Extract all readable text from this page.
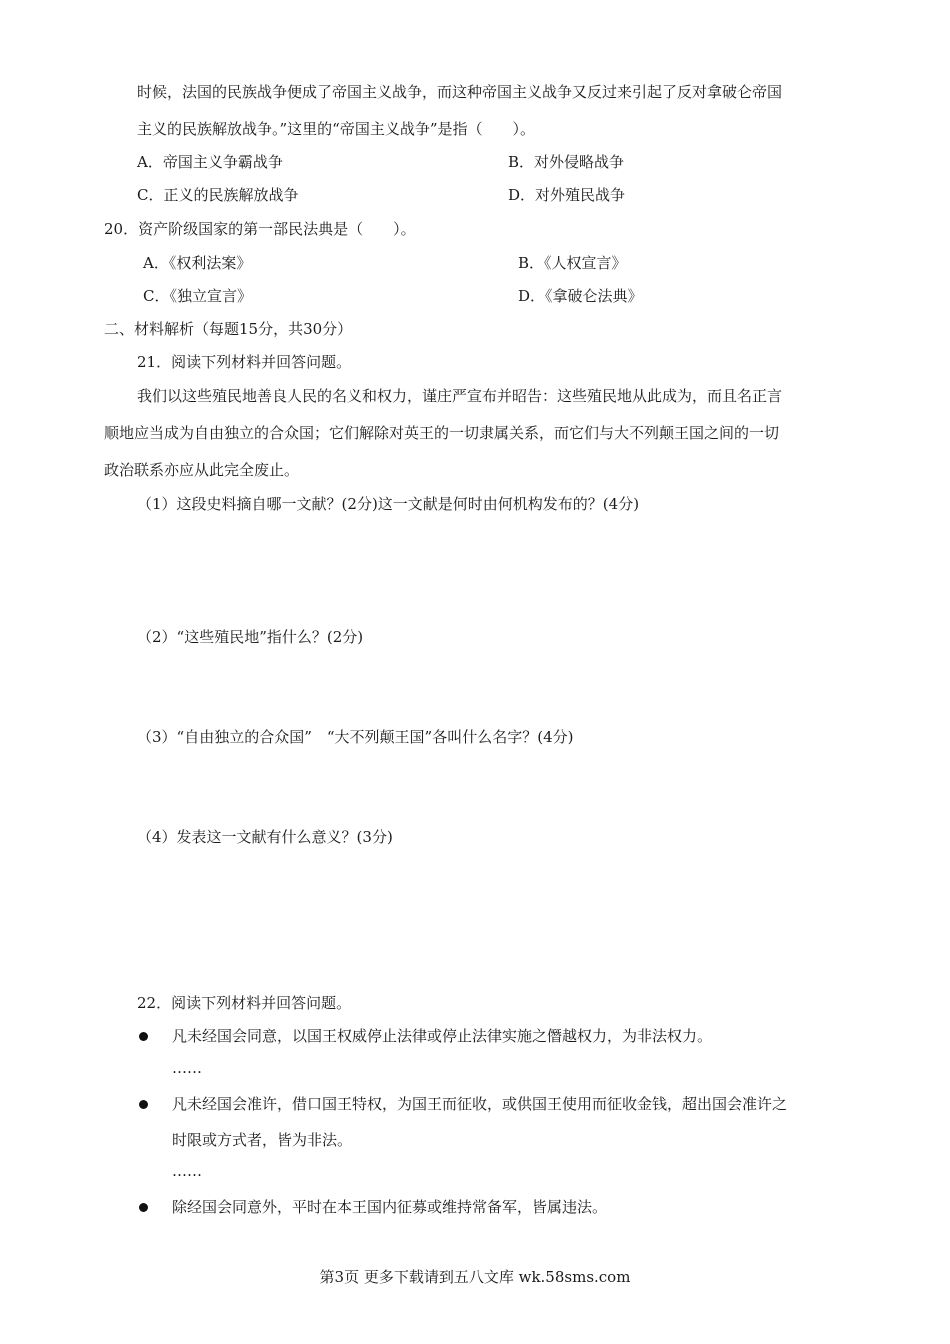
时候，法国的民族战争便成了帝国主义战争，而这种帝国主义战争又反过来引起了反对拿破仑帝国
主义的民族解放战争。”这里的“帝国主义战争”是指（　　）。
A．帝国主义争霸战争	B．对外侵略战争
C．正义的民族解放战争	D．对外殖民战争
20．资产阶级国家的第一部民法典是（　　）。
A．《权利法案》	B．《人权宣言》
C．《独立宣言》	D．《拿破仑法典》
二、材料解析（每题15分，共30分）
21．阅读下列材料并回答问题。
我们以这些殖民地善良人民的名义和权力，谨庄严宣布并昭告：这些殖民地从此成为，而且名正言
顺地应当成为自由独立的合众国；它们解除对英王的一切隶属关系，而它们与大不列颠王国之间的一切
政治联系亦应从此完全废止。
（1）这段史料摘自哪一文献？(2分)这一文献是何时由何机构发布的？(4分)
（2）“这些殖民地”指什么？(2分)
（3）“自由独立的合众国”　“大不列颠王国”各叫什么名字？(4分)
（4）发表这一文献有什么意义？(3分)
22．阅读下列材料并回答问题。
凡未经国会同意，以国王权威停止法律或停止法律实施之僭越权力，为非法权力。
……
凡未经国会准许，借口国王特权，为国王而征收，或供国王使用而征收金钱，超出国会准许之
时限或方式者，皆为非法。
……
除经国会同意外，平时在本王国内征募或维持常备军，皆属违法。
第3页 更多下载请到五八文库 wk.58sms.com
